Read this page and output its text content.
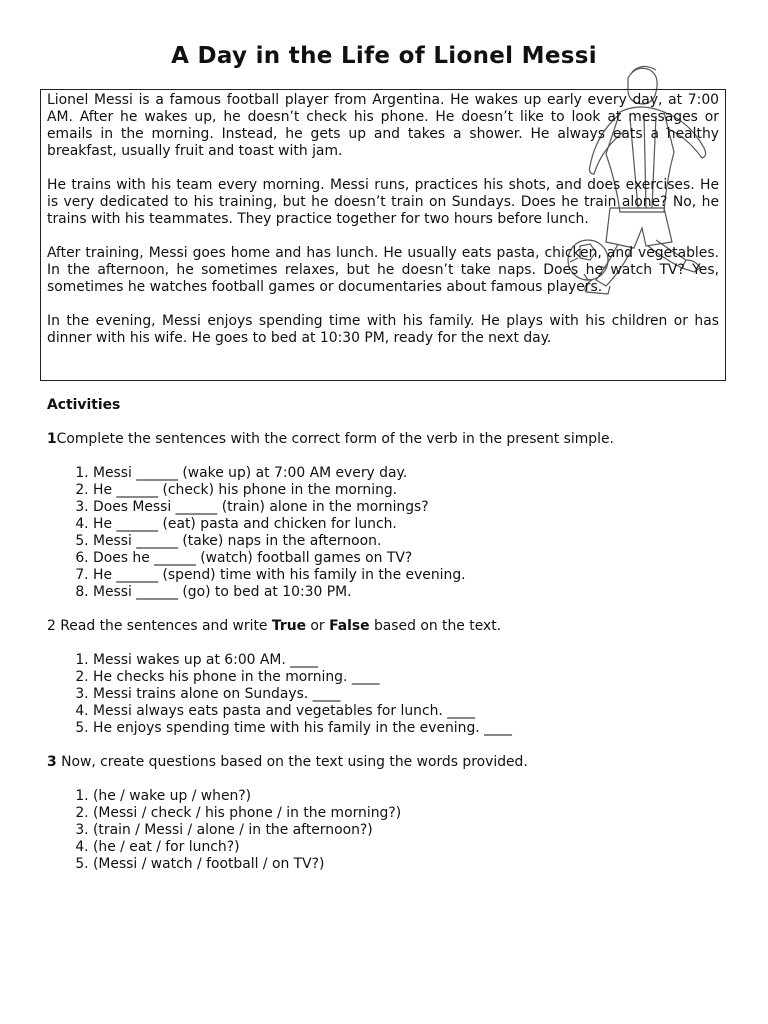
A Day in the Life of Lionel Messi

Lionel Messi is a famous football player from Argentina. He wakes up early every day, at 7:00 AM. After he wakes up, he doesn’t check his phone. He doesn’t like to look at messages or emails in the morning. Instead, he gets up and takes a shower. He always eats a healthy breakfast, usually fruit and toast with jam.

He trains with his team every morning. Messi runs, practices his shots, and does exercises. He is very dedicated to his training, but he doesn’t train on Sundays. Does he train alone? No, he trains with his teammates. They practice together for two hours before lunch.

After training, Messi goes home and has lunch. He usually eats pasta, chicken, and vegetables. In the afternoon, he sometimes relaxes, but he doesn’t take naps. Does he watch TV? Yes, sometimes he watches football games or documentaries about famous players.

In the evening, Messi enjoys spending time with his family. He plays with his children or has dinner with his wife. He goes to bed at 10:30 PM, ready for the next day.

Activities

1Complete the sentences with the correct form of the verb in the present simple.

1. Messi ______ (wake up) at 7:00 AM every day.
2. He ______ (check) his phone in the morning.
3. Does Messi ______ (train) alone in the mornings?
4. He ______ (eat) pasta and chicken for lunch.
5. Messi ______ (take) naps in the afternoon.
6. Does he ______ (watch) football games on TV?
7. He ______ (spend) time with his family in the evening.
8. Messi ______ (go) to bed at 10:30 PM.

2 Read the sentences and write True or False based on the text.

1. Messi wakes up at 6:00 AM. ____
2. He checks his phone in the morning. ____
3. Messi trains alone on Sundays. ____
4. Messi always eats pasta and vegetables for lunch. ____
5. He enjoys spending time with his family in the evening. ____

3 Now, create questions based on the text using the words provided.

1. (he / wake up / when?)
2. (Messi / check / his phone / in the morning?)
3. (train / Messi / alone / in the afternoon?)
4. (he / eat / for lunch?)
5. (Messi / watch / football / on TV?)
